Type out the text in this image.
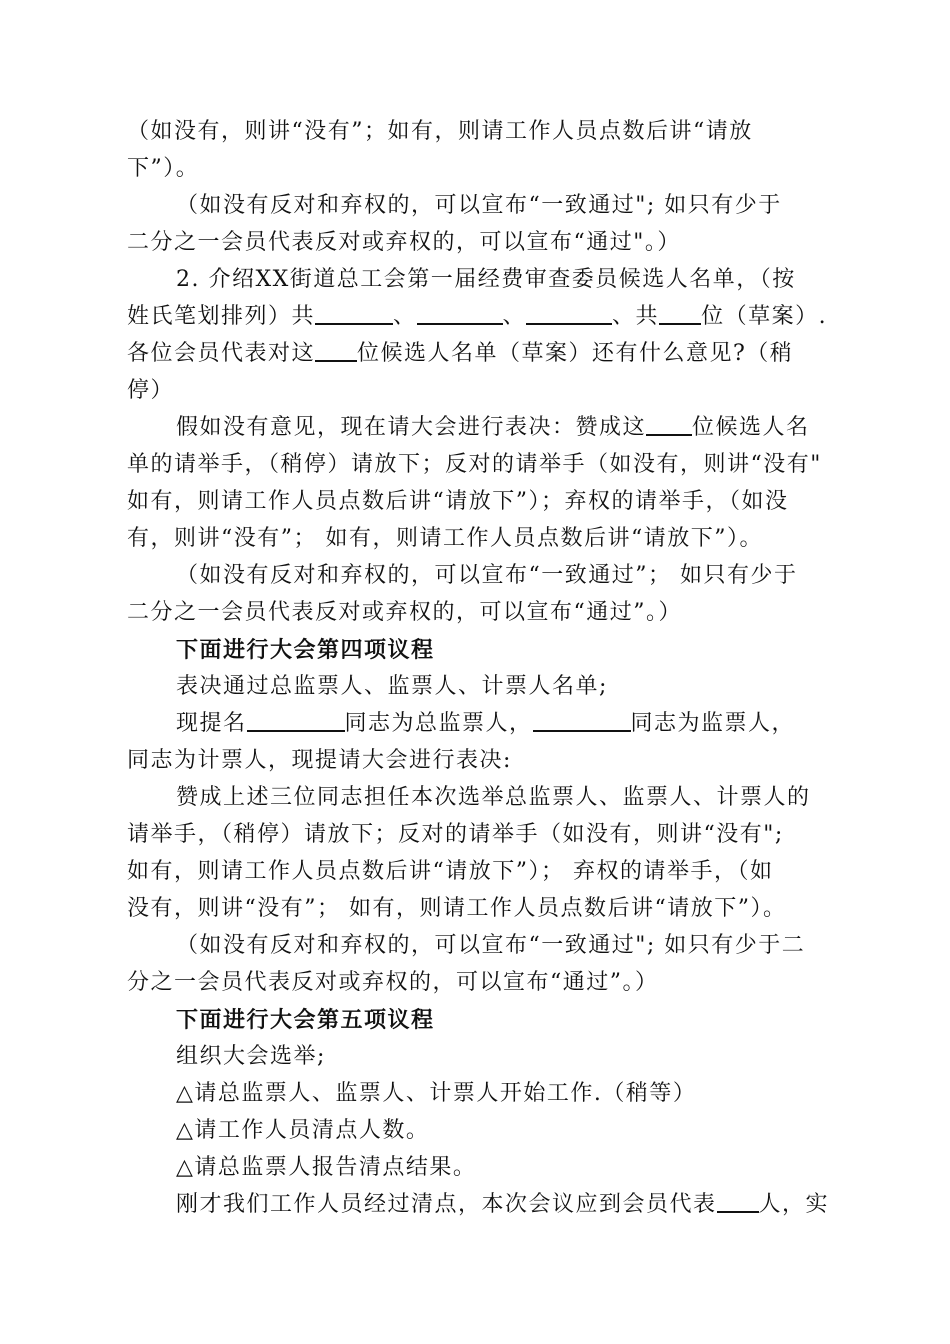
（如没有，则讲“没有”；如有，则请工作人员点数后讲“请放
下”）。
（如没有反对和弃权的，可以宣布“一致通过"; 如只有少于
二分之一会员代表反对或弃权的，可以宣布“通过"。）
2. 介绍XX街道总工会第一届经费审查委员候选人名单，（按
姓氏笔划排列）共	、	、	、共 位（草案）.
各位会员代表对这 位候选人名单（草案）还有什么意见?（稍
停）
假如没有意见，现在请大会进行表决：赞成这 位候选人名
单的请举手，（稍停）请放下；反对的请举手（如没有，则讲“没有"
如有，则请工作人员点数后讲“请放下”）；弃权的请举手，（如没
有，则讲“没有”； 如有，则请工作人员点数后讲“请放下”）。
（如没有反对和弃权的，可以宣布“一致通过”； 如只有少于
二分之一会员代表反对或弃权的，可以宣布“通过”。）
下面进行大会第四项议程
表决通过总监票人、监票人、计票人名单;
现提名	同志为总监票人，	同志为监票人，
同志为计票人，现提请大会进行表决:
赞成上述三位同志担任本次选举总监票人、监票人、计票人的
请举手，（稍停）请放下；反对的请举手（如没有，则讲“没有";
如有，则请工作人员点数后讲“请放下”）； 弃权的请举手，（如
没有，则讲“没有”； 如有，则请工作人员点数后讲“请放下”）。
（如没有反对和弃权的，可以宣布“一致通过"; 如只有少于二
分之一会员代表反对或弃权的，可以宣布“通过”。）
下面进行大会第五项议程
组织大会选举;
△请总监票人、监票人、计票人开始工作.（稍等）
△请工作人员清点人数。
△请总监票人报告清点结果。
刚才我们工作人员经过清点，本次会议应到会员代表 人，实
